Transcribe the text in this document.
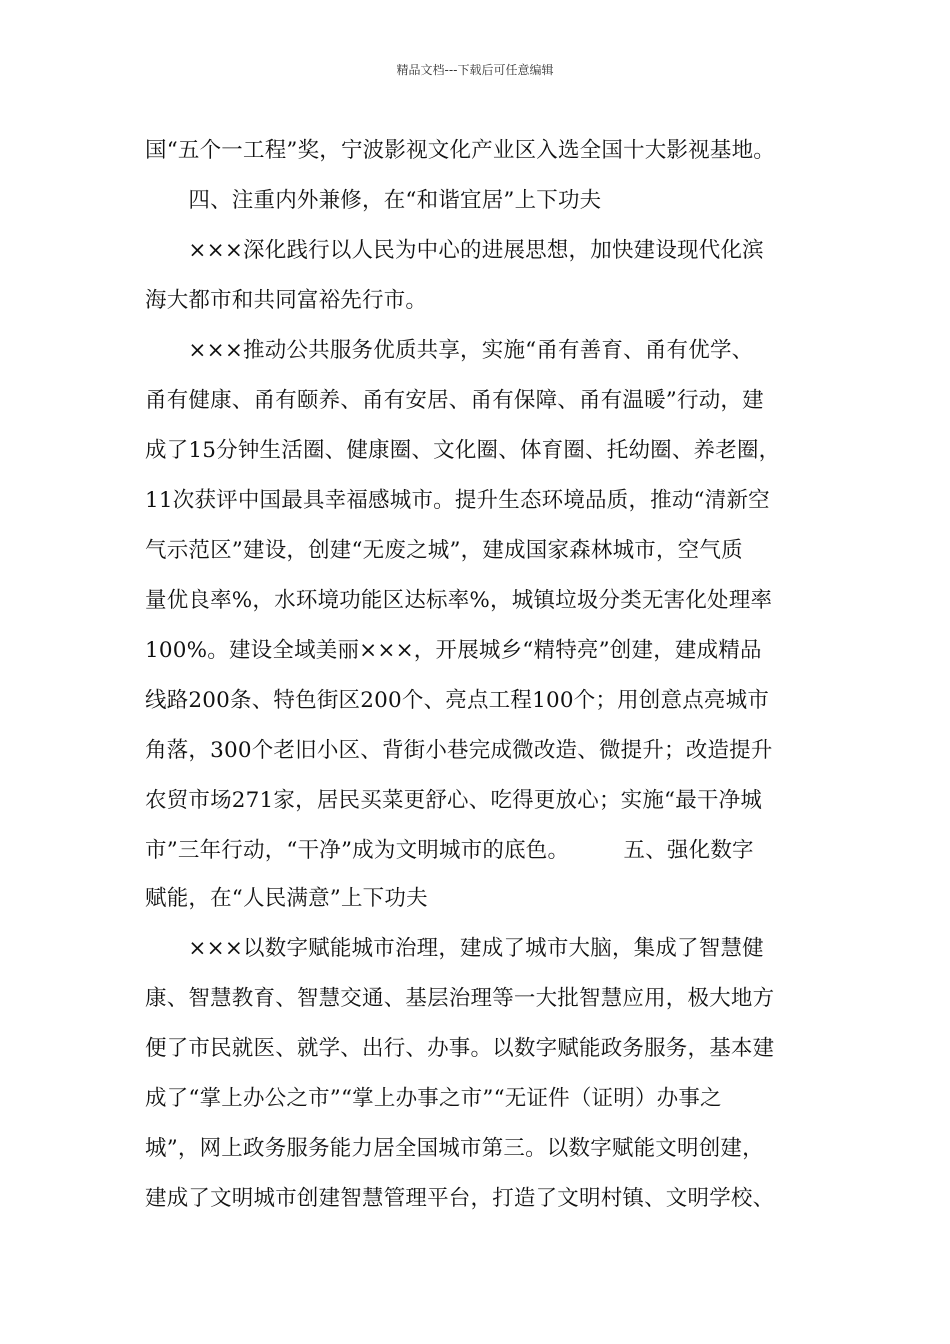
精品文档---下载后可任意编辑
国“五个一工程”奖，宁波影视文化产业区入选全国十大影视基地。
　　四、注重内外兼修，在“和谐宜居”上下功夫
　　×××深化践行以人民为中心的进展思想，加快建设现代化滨
海大都市和共同富裕先行市。
　　×××推动公共服务优质共享，实施“甬有善育、甬有优学、
甬有健康、甬有颐养、甬有安居、甬有保障、甬有温暖”行动，建
成了15分钟生活圈、健康圈、文化圈、体育圈、托幼圈、养老圈，
11次获评中国最具幸福感城市。提升生态环境品质，推动“清新空
气示范区”建设，创建“无废之城”，建成国家森林城市，空气质
量优良率%，水环境功能区达标率%，城镇垃圾分类无害化处理率
100%。建设全域美丽×××，开展城乡“精特亮”创建，建成精品
线路200条、特色街区200个、亮点工程100个；用创意点亮城市
角落，300个老旧小区、背街小巷完成微改造、微提升；改造提升
农贸市场271家，居民买菜更舒心、吃得更放心；实施“最干净城
市”三年行动，“干净”成为文明城市的底色。　　　五、强化数字
赋能，在“人民满意”上下功夫
　　×××以数字赋能城市治理，建成了城市大脑，集成了智慧健
康、智慧教育、智慧交通、基层治理等一大批智慧应用，极大地方
便了市民就医、就学、出行、办事。以数字赋能政务服务，基本建
成了“掌上办公之市”“掌上办事之市”“无证件（证明）办事之
城”，网上政务服务能力居全国城市第三。以数字赋能文明创建，
建成了文明城市创建智慧管理平台，打造了文明村镇、文明学校、
